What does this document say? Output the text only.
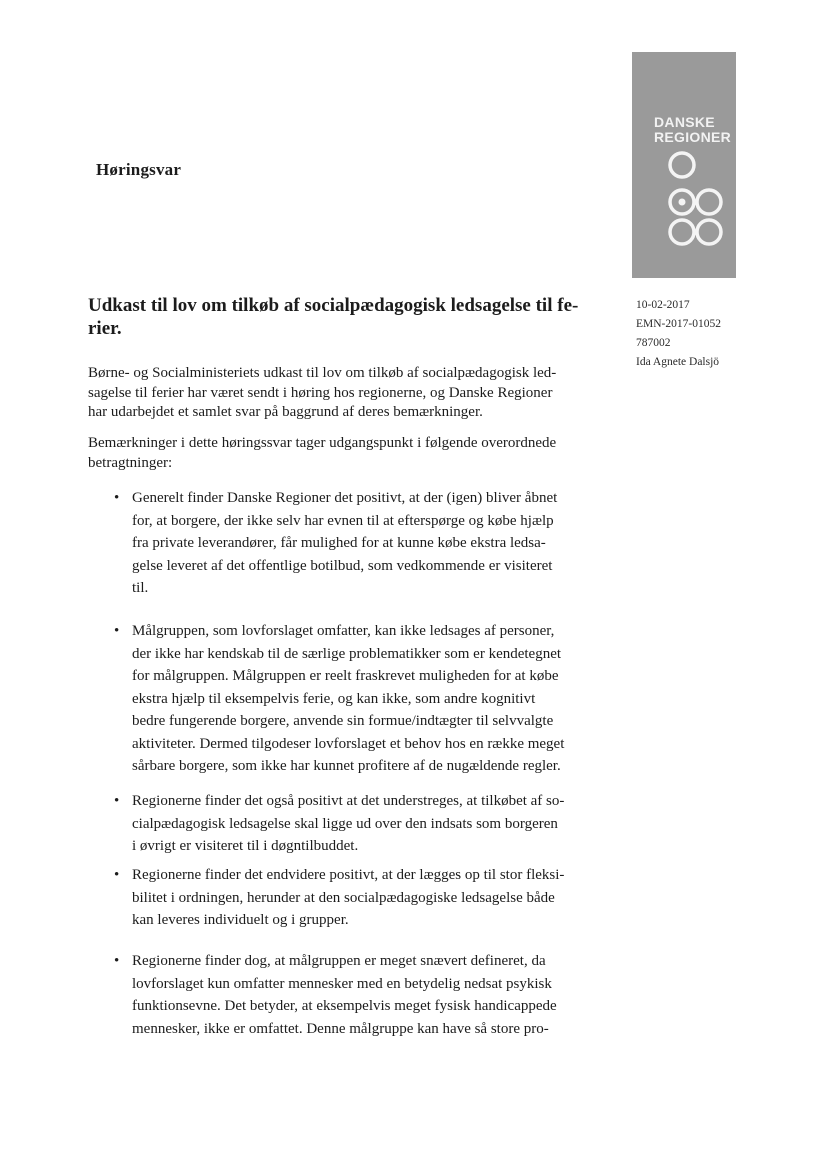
Høringsvar
DANSKE
REGIONER
10-02-2017
EMN-2017-01052
787002
Ida Agnete Dalsjö
Udkast til lov om tilkøb af socialpædagogisk ledsagelse til fe-
rier.

Børne- og Socialministeriets udkast til lov om tilkøb af socialpædagogisk led-
sagelse til ferier har været sendt i høring hos regionerne, og Danske Regioner
har udarbejdet et samlet svar på baggrund af deres bemærkninger.

Bemærkninger i dette høringssvar tager udgangspunkt i følgende overordnede
betragtninger:

• Generelt finder Danske Regioner det positivt, at der (igen) bliver åbnet
for, at borgere, der ikke selv har evnen til at efterspørge og købe hjælp
fra private leverandører, får mulighed for at kunne købe ekstra ledsa-
gelse leveret af det offentlige botilbud, som vedkommende er visiteret
til.
• Målgruppen, som lovforslaget omfatter, kan ikke ledsages af personer,
der ikke har kendskab til de særlige problematikker som er kendetegnet
for målgruppen. Målgruppen er reelt fraskrevet muligheden for at købe
ekstra hjælp til eksempelvis ferie, og kan ikke, som andre kognitivt
bedre fungerende borgere, anvende sin formue/indtægter til selvvalgte
aktiviteter. Dermed tilgodeser lovforslaget et behov hos en række meget
sårbare borgere, som ikke har kunnet profitere af de nugældende regler.
• Regionerne finder det også positivt at det understreges, at tilkøbet af so-
cialpædagogisk ledsagelse skal ligge ud over den indsats som borgeren
i øvrigt er visiteret til i døgntilbuddet.
• Regionerne finder det endvidere positivt, at der lægges op til stor fleksi-
bilitet i ordningen, herunder at den socialpædagogiske ledsagelse både
kan leveres individuelt og i grupper.
• Regionerne finder dog, at målgruppen er meget snævert defineret, da
lovforslaget kun omfatter mennesker med en betydelig nedsat psykisk
funktionsevne. Det betyder, at eksempelvis meget fysisk handicappede
mennesker, ikke er omfattet. Denne målgruppe kan have så store pro-
